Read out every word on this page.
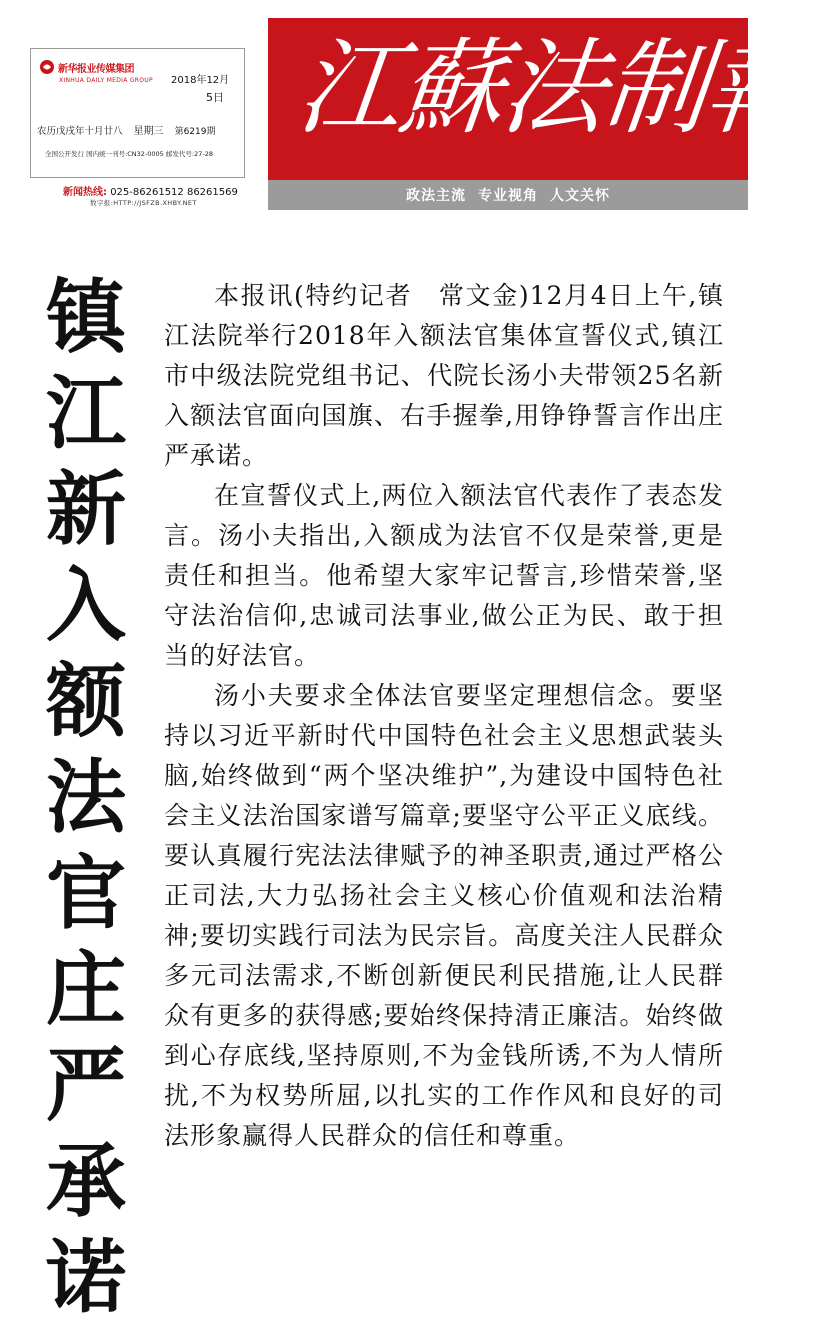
新华报业传媒集团
XINHUA DAILY MEDIA GROUP 2018年12月
5日
农历戊戌年十月廿八 星期三 第6219期
全国公开发行 国内统一刊号:CN32-0005 邮发代号:27-28
新闻热线: 025-86261512 86261569
数字报:HTTP://JSFZB.XHBY.NET
江蘇法制報
政法主流 专业视角 人文关怀
镇
江
新
入
额
法
官
庄
严
承
诺

本报讯(特约记者　常文金)12月4日上午,镇江法院举行2018年入额法官集体宣誓仪式,镇江市中级法院党组书记、代院长汤小夫带领25名新入额法官面向国旗、右手握拳,用铮铮誓言作出庄严承诺。

在宣誓仪式上,两位入额法官代表作了表态发言。汤小夫指出,入额成为法官不仅是荣誉,更是责任和担当。他希望大家牢记誓言,珍惜荣誉,坚守法治信仰,忠诚司法事业,做公正为民、敢于担当的好法官。

汤小夫要求全体法官要坚定理想信念。要坚持以习近平新时代中国特色社会主义思想武装头脑,始终做到“两个坚决维护”,为建设中国特色社会主义法治国家谱写篇章;要坚守公平正义底线。要认真履行宪法法律赋予的神圣职责,通过严格公正司法,大力弘扬社会主义核心价值观和法治精神;要切实践行司法为民宗旨。高度关注人民群众多元司法需求,不断创新便民利民措施,让人民群众有更多的获得感;要始终保持清正廉洁。始终做到心存底线,坚持原则,不为金钱所诱,不为人情所扰,不为权势所屈,以扎实的工作作风和良好的司法形象赢得人民群众的信任和尊重。
